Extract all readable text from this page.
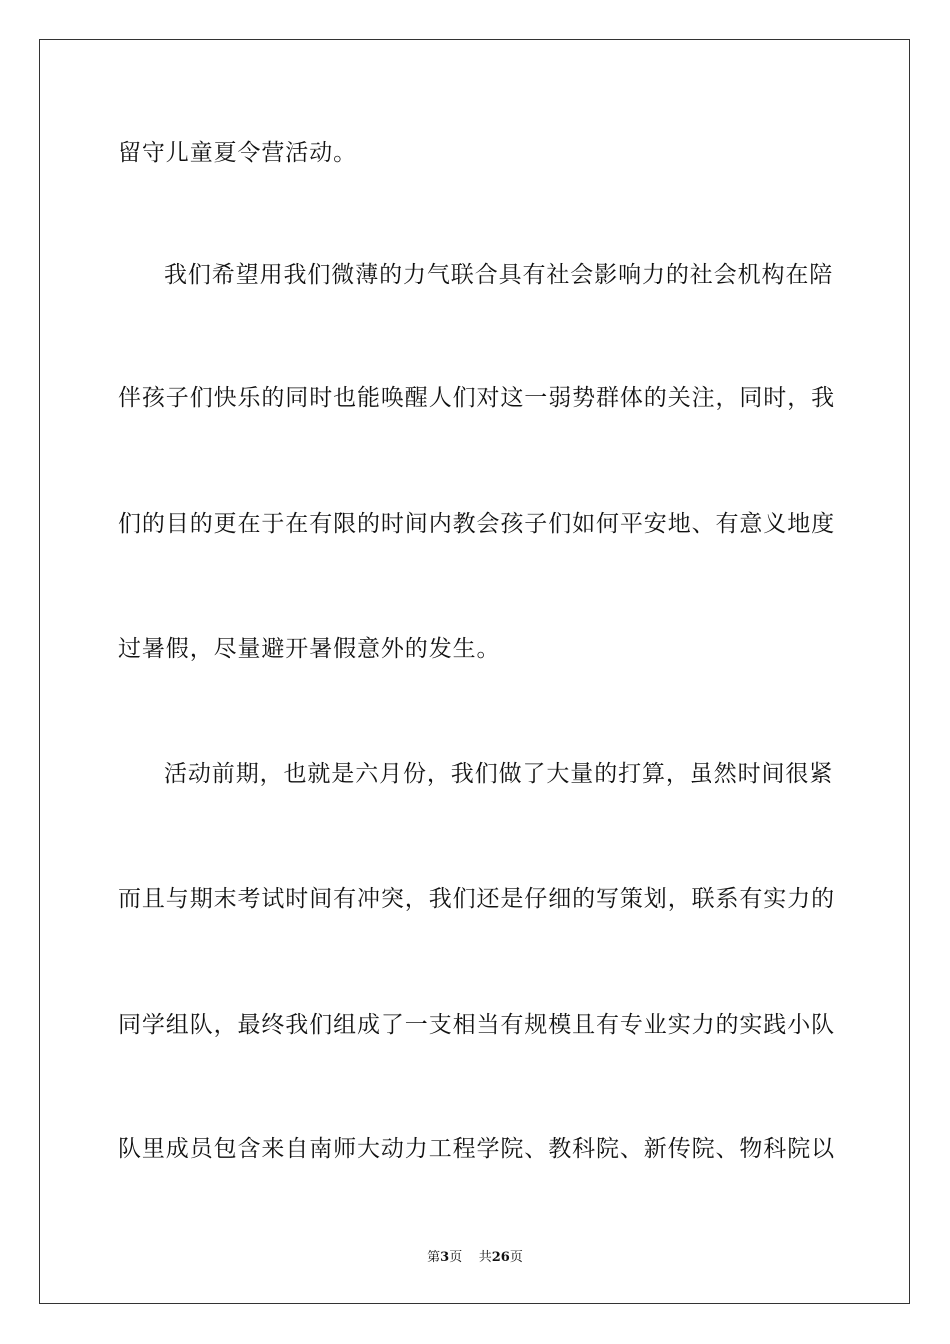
留守儿童夏令营活动。
我们希望用我们微薄的力气联合具有社会影响力的社会机构在陪
伴孩子们快乐的同时也能唤醒人们对这一弱势群体的关注，同时，我
们的目的更在于在有限的时间内教会孩子们如何平安地、有意义地度
过暑假，尽量避开暑假意外的发生。
活动前期，也就是六月份，我们做了大量的打算，虽然时间很紧
而且与期末考试时间有冲突，我们还是仔细的写策划，联系有实力的
同学组队，最终我们组成了一支相当有规模且有专业实力的实践小队
队里成员包含来自南师大动力工程学院、教科院、新传院、物科院以
第3页    共26页
